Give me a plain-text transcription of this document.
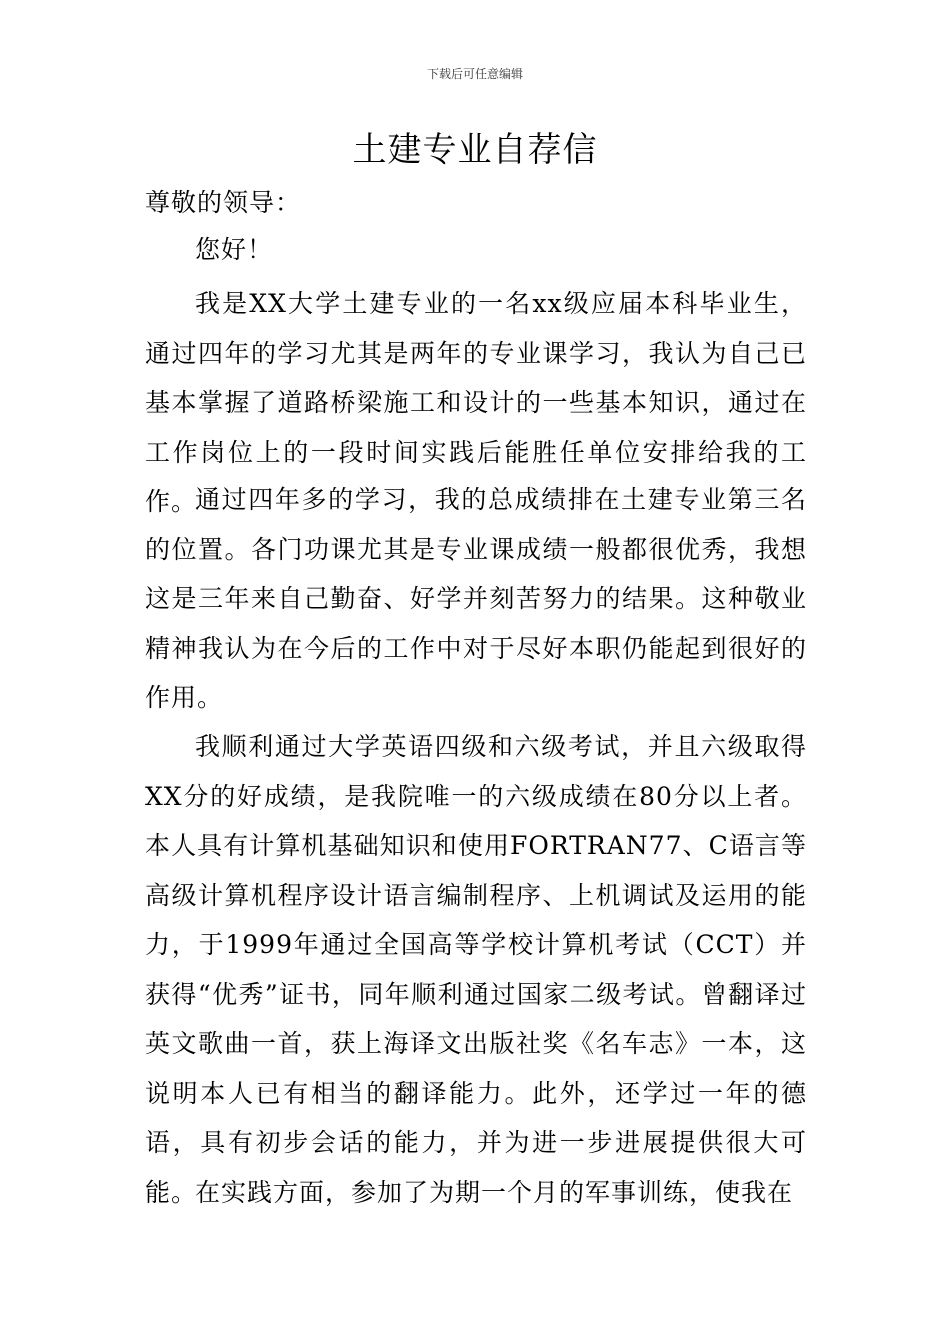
下载后可任意编辑
土建专业自荐信
尊敬的领导：
您好！
我是XX大学土建专业的一名xx级应届本科毕业生，通过四年的学习尤其是两年的专业课学习，我认为自己已基本掌握了道路桥梁施工和设计的一些基本知识，通过在工作岗位上的一段时间实践后能胜任单位安排给我的工作。
通过四年多的学习，我的总成绩排在土建专业第三名的位置。各门功课尤其是专业课成绩一般都很优秀，我想这是三年来自己勤奋、好学并刻苦努力的结果。这种敬业精神我认为在今后的工作中对于尽好本职仍能起到很好的作用。
我顺利通过大学英语四级和六级考试，并且六级取得XX分的好成绩，是我院唯一的六级成绩在80分以上者。本人具有计算机基础知识和使用FORTRAN77、C语言等高级计算机程序设计语言编制程序、上机调试及运用的能力，于1999年通过全国高等学校计算机考试（CCT）并获得“优秀”证书，同年顺利通过国家二级考试。曾翻译过英文歌曲一首，获上海译文出版社奖《名车志》一本，这说明本人已有相当的翻译能力。此外，还学过一年的德语，具有初步会话的能力，并为进一步进展提供很大可能。
在实践方面，参加了为期一个月的军事训练，使我在
